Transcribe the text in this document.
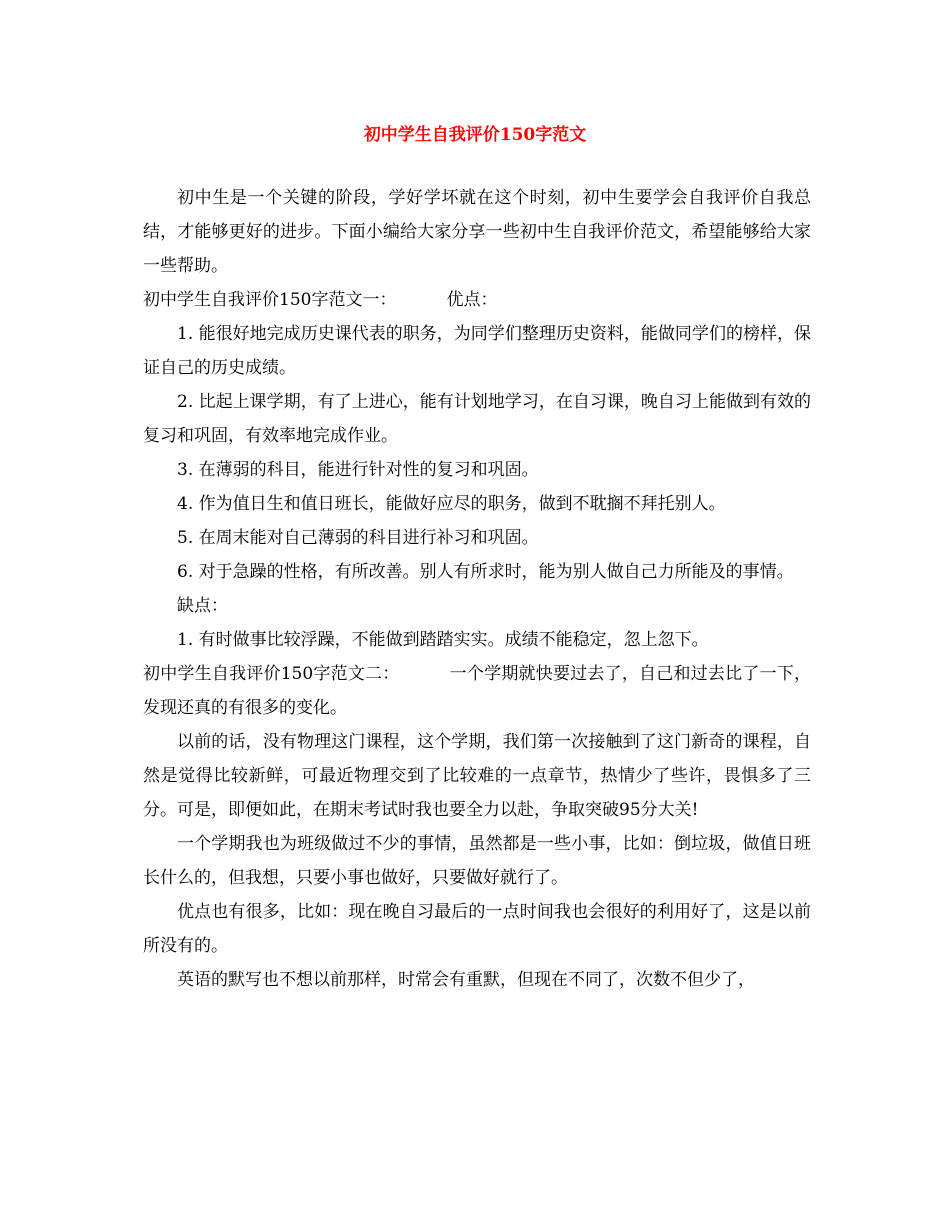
初中学生自我评价150字范文

初中生是一个关键的阶段，学好学坏就在这个时刻，初中生要学会自我评价自我总结，才能够更好的进步。下面小编给大家分享一些初中生自我评价范文，希望能够给大家一些帮助。

初中学生自我评价150字范文一：	优点：

1. 能很好地完成历史课代表的职务，为同学们整理历史资料，能做同学们的榜样，保证自己的历史成绩。

2. 比起上课学期，有了上进心，能有计划地学习，在自习课，晚自习上能做到有效的复习和巩固，有效率地完成作业。

3. 在薄弱的科目，能进行针对性的复习和巩固。

4. 作为值日生和值日班长，能做好应尽的职务，做到不耽搁不拜托别人。

5. 在周末能对自己薄弱的科目进行补习和巩固。

6. 对于急躁的性格，有所改善。别人有所求时，能为别人做自己力所能及的事情。

缺点：

1. 有时做事比较浮躁，不能做到踏踏实实。成绩不能稳定，忽上忽下。

初中学生自我评价150字范文二：	一个学期就快要过去了，自己和过去比了一下，发现还真的有很多的变化。

以前的话，没有物理这门课程，这个学期，我们第一次接触到了这门新奇的课程，自然是觉得比较新鲜，可最近物理交到了比较难的一点章节，热情少了些许，畏惧多了三分。可是，即便如此，在期末考试时我也要全力以赴，争取突破95分大关!

一个学期我也为班级做过不少的事情，虽然都是一些小事，比如：倒垃圾，做值日班长什么的，但我想，只要小事也做好，只要做好就行了。

优点也有很多，比如：现在晚自习最后的一点时间我也会很好的利用好了，这是以前所没有的。

英语的默写也不想以前那样，时常会有重默，但现在不同了，次数不但少了，
